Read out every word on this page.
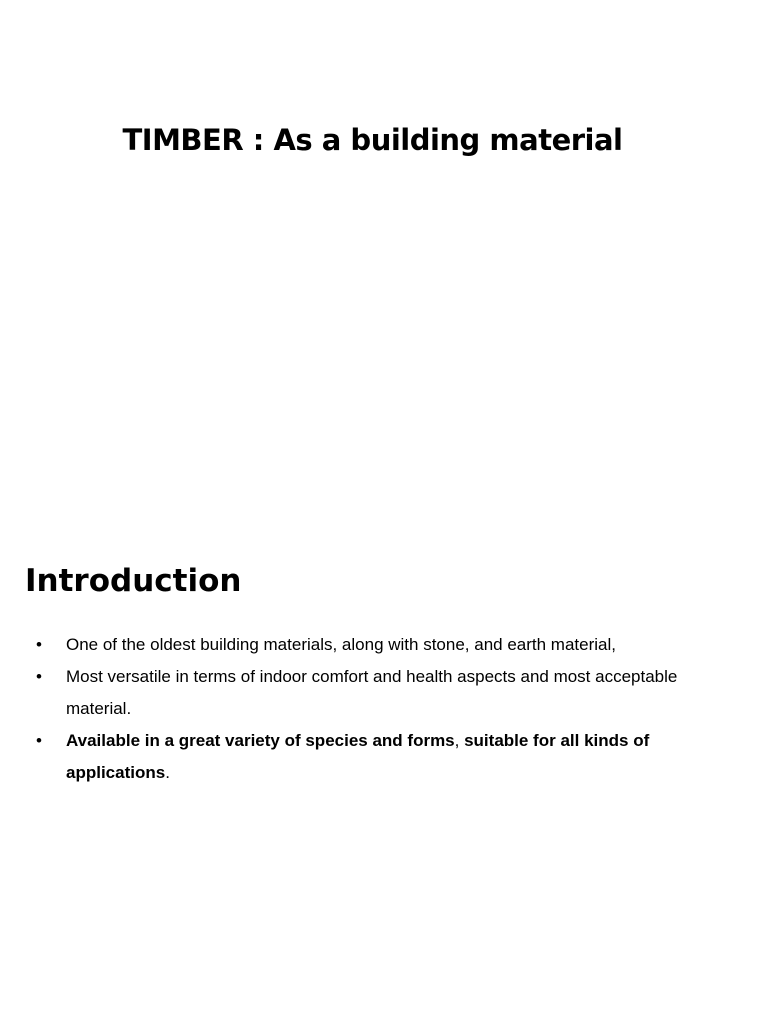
TIMBER : As a building material
Introduction
•	One of the oldest building materials, along with stone, and earth material,
•	Most versatile in terms of indoor comfort and health aspects and most acceptable material.
•	Available in a great variety of species and forms, suitable for all kinds of applications.
